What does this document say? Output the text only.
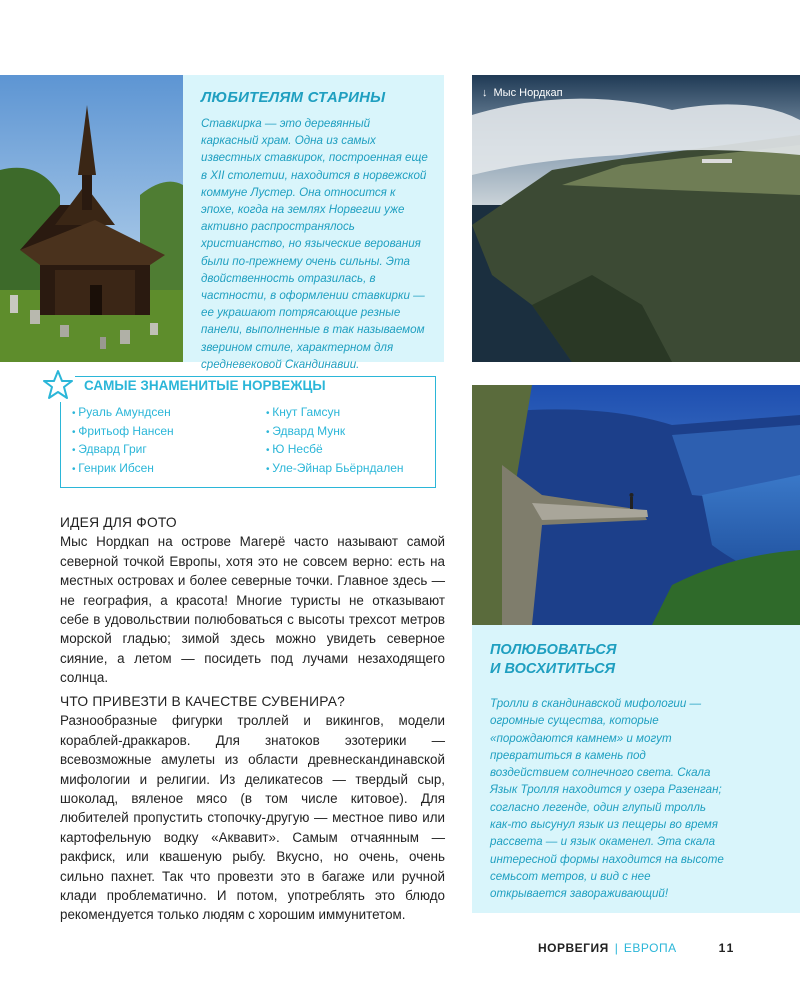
ЛЮБИТЕЛЯМ СТАРИНЫ
Ставкирка — это деревянный каркасный храм. Одна из самых известных ставкирок, построенная еще в XII столетии, находится в норвежской коммуне Лустер. Она относится к эпохе, когда на землях Норвегии уже активно распространялось христианство, но языческие верования были по-прежнему очень сильны. Эта двойственность отразилась, в частности, в оформлении ставкирки — ее украшают потрясающие резные панели, выполненные в так называемом зверином стиле, характерном для средневековой Скандинавии.
↓ Мыс Нордкап
САМЫЕ ЗНАМЕНИТЫЕ НОРВЕЖЦЫ
• Руаль Амундсен
• Фритьоф Нансен
• Эдвард Григ
• Генрик Ибсен
• Кнут Гамсун
• Эдвард Мунк
• Ю Несбё
• Уле-Эйнар Бьёрндален
ИДЕЯ ДЛЯ ФОТО

Мыс Нордкап на острове Магерё часто называют самой северной точкой Европы, хотя это не совсем верно: есть на местных островах и более северные точки. Главное здесь — не география, а красота! Многие туристы не отказывают себе в удовольствии полюбоваться с высоты трехсот метров морской гладью; зимой здесь можно увидеть северное сияние, а летом — посидеть под лучами незаходящего солнца.

ЧТО ПРИВЕЗТИ В КАЧЕСТВЕ СУВЕНИРА?

Разнообразные фигурки троллей и викингов, модели кораблей-драккаров. Для знатоков эзотерики — всевозможные амулеты из области древнескандинавской мифологии и религии. Из деликатесов — твердый сыр, шоколад, вяленое мясо (в том числе китовое). Для любителей пропустить стопочку-другую — местное пиво или картофельную водку «Аквавит». Самым отчаянным — ракфиск, или квашеную рыбу. Вкусно, но очень, очень сильно пахнет. Так что провезти это в багаже или ручной клади проблематично. И потом, употреблять это блюдо рекомендуется только людям с хорошим иммунитетом.

ПОЛЮБОВАТЬСЯ
И ВОСХИТИТЬСЯ
Тролли в скандинавской мифологии — огромные существа, которые «порождаются камнем» и могут превратиться в камень под воздействием солнечного света. Скала Язык Тролля находится у озера Разенган; согласно легенде, один глупый тролль как-то высунул язык из пещеры во время рассвета — и язык окаменел. Эта скала интересной формы находится на высоте семьсот метров, и вид с нее открывается завораживающий!
НОРВЕГИЯ | ЕВРОПА	11
